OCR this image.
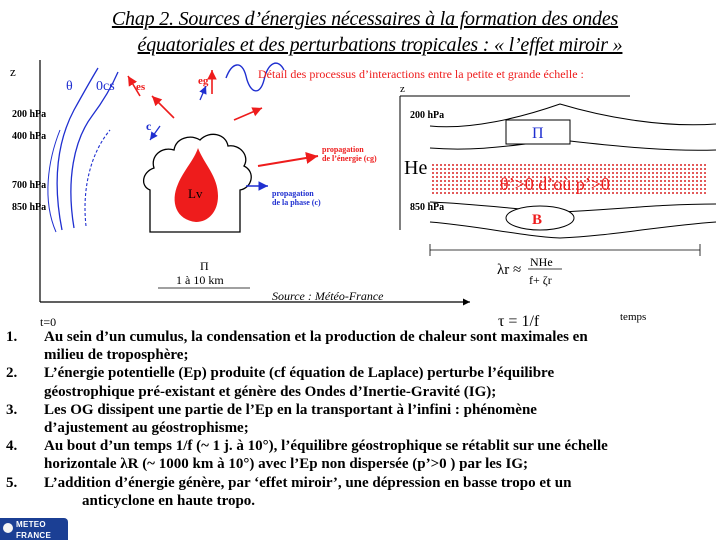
Chap 2. Sources d’énergies nécessaires à la formation des ondes
équatoriales et des perturbations tropicales : « l’effet miroir »
z
200 hPa
400 hPa
700 hPa
850 hPa
θ 0cs es	eg
c
Lv
propagation de l’énergie (cg)
propagation de la phase (c)
Π
1 à 10 km
t=0
Source : Météo-France
Détail des processus d’interactions entre la petite et grande échelle :
z
200 hPa
850 hPa
Π
He
θ’>0 d’où p’>0
B
λr ≈ NHe
f+ ζr
τ = 1/f	temps
1. Au sein d’un cumulus, la condensation et la production de chaleur sont maximales en
milieu de troposphère;
2. L’énergie potentielle (Ep) produite (cf équation de Laplace) perturbe l’équilibre
géostrophique pré-existant et génère des Ondes d’Inertie-Gravité (IG);
3. Les OG dissipent une partie de l’Ep en la transportant à l’infini : phénomène
d’ajustement au géostrophisme;
4. Au bout d’un temps 1/f (~ 1 j. à 10°), l’équilibre géostrophique se rétablit sur une échelle
horizontale λR (~ 1000 km à 10°) avec l’Ep non dispersée (p’>0 ) par les IG;
5. L’addition d’énergie génère, par ‘effet miroir’, une dépression en basse tropo et un
anticyclone en haute tropo.
METEO
FRANCE
